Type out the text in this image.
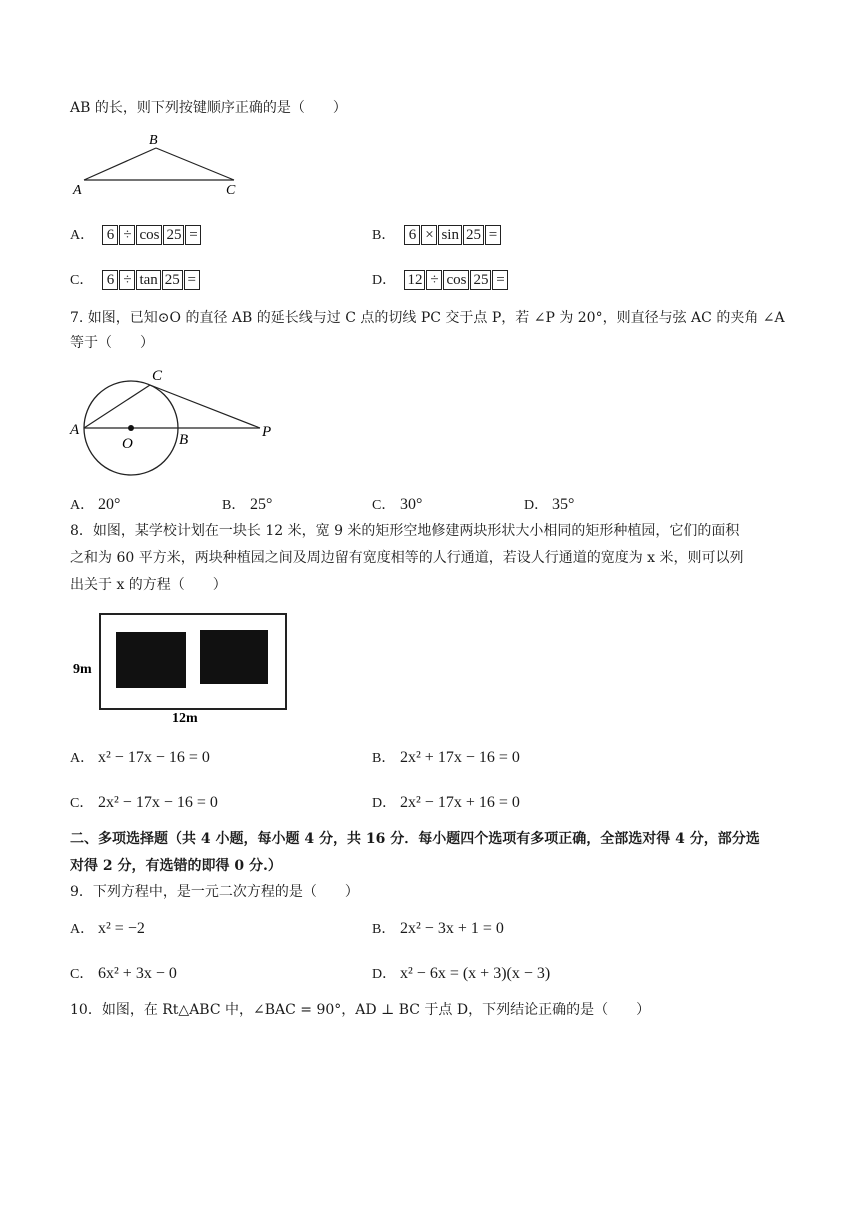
AB 的长，则下列按键顺序正确的是（　　）
B
A	C
A． 6 ÷ cos 25 =	B． 6 × sin 25 =
C． 6 ÷ tan 25 =	D． 12 ÷ cos 25 =
7. 如图，已知⊙O 的直径 AB 的延长线与过 C 点的切线 PC 交于点 P，若 ∠P 为 20°，则直径与弦 AC 的夹角 ∠A
等于（　　）
C
A
O	B	P
A． 20°	B． 25°	C． 30°	D． 35°
8．如图，某学校计划在一块长 12 米，宽 9 米的矩形空地修建两块形状大小相同的矩形种植园，它们的面积
之和为 60 平方米，两块种植园之间及周边留有宽度相等的人行通道，若设人行通道的宽度为 x 米，则可以列
出关于 x 的方程（　　）
9m
12m
A． x² − 17x − 16 = 0	B． 2x² + 17x − 16 = 0
C． 2x² − 17x − 16 = 0	D． 2x² − 17x + 16 = 0
二、多项选择题（共 4 小题，每小题 4 分，共 16 分．每小题四个选项有多项正确，全部选对得 4 分，部分选
对得 2 分，有选错的即得 0 分.）
9．下列方程中，是一元二次方程的是（　　）
A． x² = −2	B． 2x² − 3x + 1 = 0
C． 6x² + 3x − 0	D． x² − 6x = (x + 3)(x − 3)
10．如图，在 Rt△ABC 中，∠BAC = 90°，AD ⊥ BC 于点 D，下列结论正确的是（　　）
